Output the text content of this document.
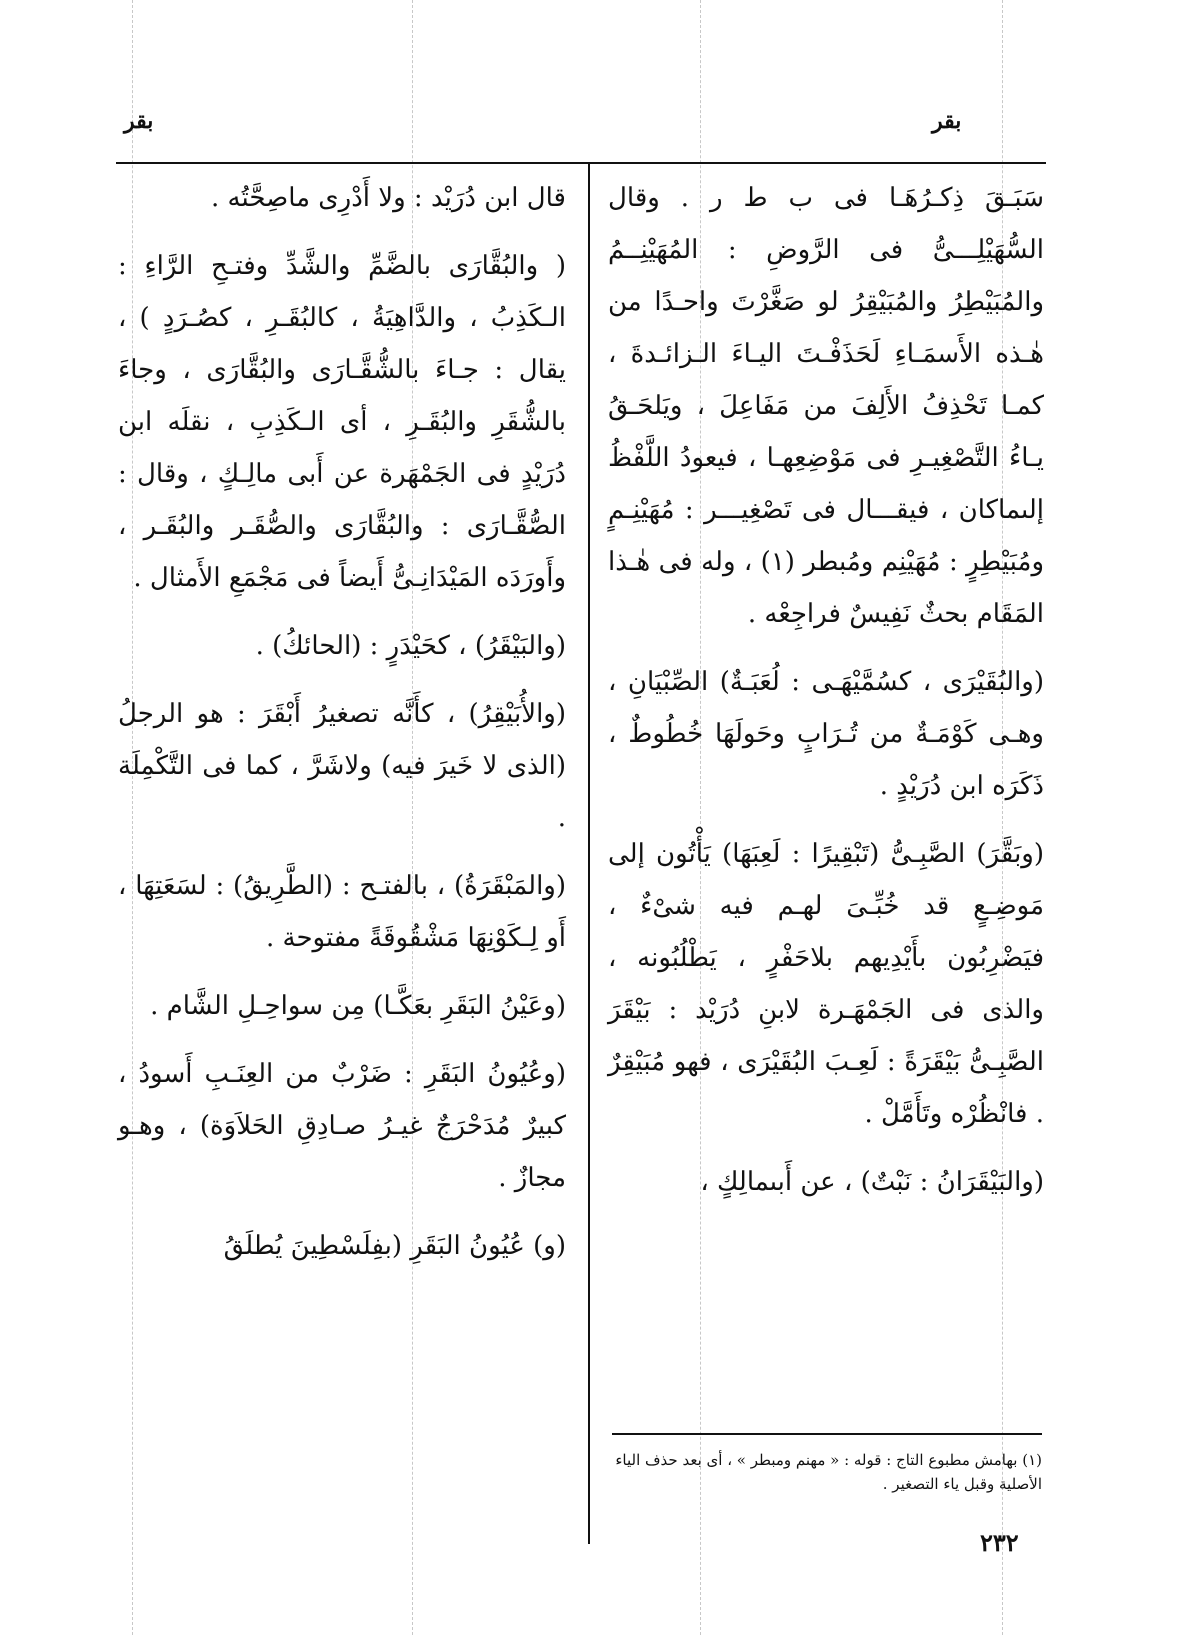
بقر
بقر

سَبَـقَ ذِكـرُهَـا فى ب ط ر . وقال السُّهَيْلِـــىُّ فى الرَّوضِ : المُهَيْنِــمُ والمُبَيْطِرُ والمُبَيْقِرُ لو صَغَّرْتَ واحـدًا من هٰـذه الأَسمَـاءِ لَحَذَفْـتَ اليـاءَ الـزائـدةَ ، كمـا تَحْذِفُ الأَلِفَ من مَفَاعِلَ ، ويَلحَـقُ يـاءُ التَّصْغِيـرِ فى مَوْضِعِهـا ، فيعودُ اللَّفْظُ إلىماكان ، فيقـــال فى تَصْغِيـــر : مُهَيْنِـمٍ ومُبَيْطِرٍ : مُهَيْنِم ومُبطر (١) ، وله فى هٰـذا المَقَام بحثٌ نَفِيسٌ فراجِعْه .

(والبُقَيْرَى ، كسُمَّيْهَـى : لُعَبَـةٌ) الصِّبْيَانِ ، وهـى كَوْمَـةٌ من تُـرَابٍ وحَولَهَا خُطُوطٌ ، ذَكَرَه ابن دُرَيْدٍ .

(وبَقَّرَ) الصَّبِـىُّ (تَبْقِيرًا : لَعِبَهَا) يَأْتُون إلى مَوضِـعٍ قد خُبِّـىَ لهـم فيه شىْءٌ ، فيَضْرِبُون بأَيْدِيهم بلاحَفْرٍ ، يَطْلُبُونه ، والذى فى الجَمْهَـرة لابنِ دُرَيْد : بَيْقَرَ الصَّبِـىُّ بَيْقَرَةً : لَعِـبَ البُقَيْرَى ، فهو مُبَيْقِرٌ . فانْظُرْه وتَأَمَّلْ .

(والبَيْقَرَانُ : نَبْتٌ) ، عن أَبىمالِكٍ ،

قال ابن دُرَيْد : ولا أَدْرِى ماصِحَّتُه .

( والبُقَّارَى بالضَّمِّ والشَّدِّ وفتـحِ الرَّاءِ : الـكَذِبُ ، والدَّاهِيَةُ ، كالبُقَـرِ ، كصُـرَدٍ ) ، يقال : جـاءَ بالشُّقَّـارَى والبُقَّارَى ، وجاءَ بالشُّقَرِ والبُقَـرِ ، أى الـكَذِبِ ، نقلَه ابن دُرَيْدٍ فى الجَمْهَرة عن أَبى مالِـكٍ ، وقال : الصُّقَّـارَى : والبُقَّارَى والصُّقَـر والبُقَـر ، وأَورَدَه المَيْدَانِـىُّ أَيضاً فى مَجْمَعِ الأَمثال .

(والبَيْقَرُ) ، كحَيْدَرٍ : (الحائكُ) .

(والأُبَيْقِرُ) ، كأَنَّه تصغيرُ أَبْقَرَ : هو الرجلُ (الذى لا خَيرَ فيه) ولاشَرَّ ، كما فى التَّكْمِلَة .

(والمَبْقَرَةُ) ، بالفتـح : (الطَّرِيقُ) : لسَعَتِهَا ، أَو لِـكَوْنِهَا مَشْقُوقَةً مفتوحة .

(وعَيْنُ البَقَرِ بعَكَّـا) مِن سواحِـلِ الشَّام .

(وعُيُونُ البَقَرِ : ضَرْبٌ من العِنَـبِ أَسودُ ، كبيرٌ مُدَحْرَجٌ غيـرُ صـادِقِ الحَلاَوَة) ، وهـو مجازٌ .

(و) عُيُونُ البَقَرِ (بفِلَسْطِينَ يُطلَقُ

(١) بهامش مطبوع التاج : قوله : « مهنم ومبطر » ، أى بعد حذف الياء الأصلية وقبل ياء التصغير .
٢٣٢
